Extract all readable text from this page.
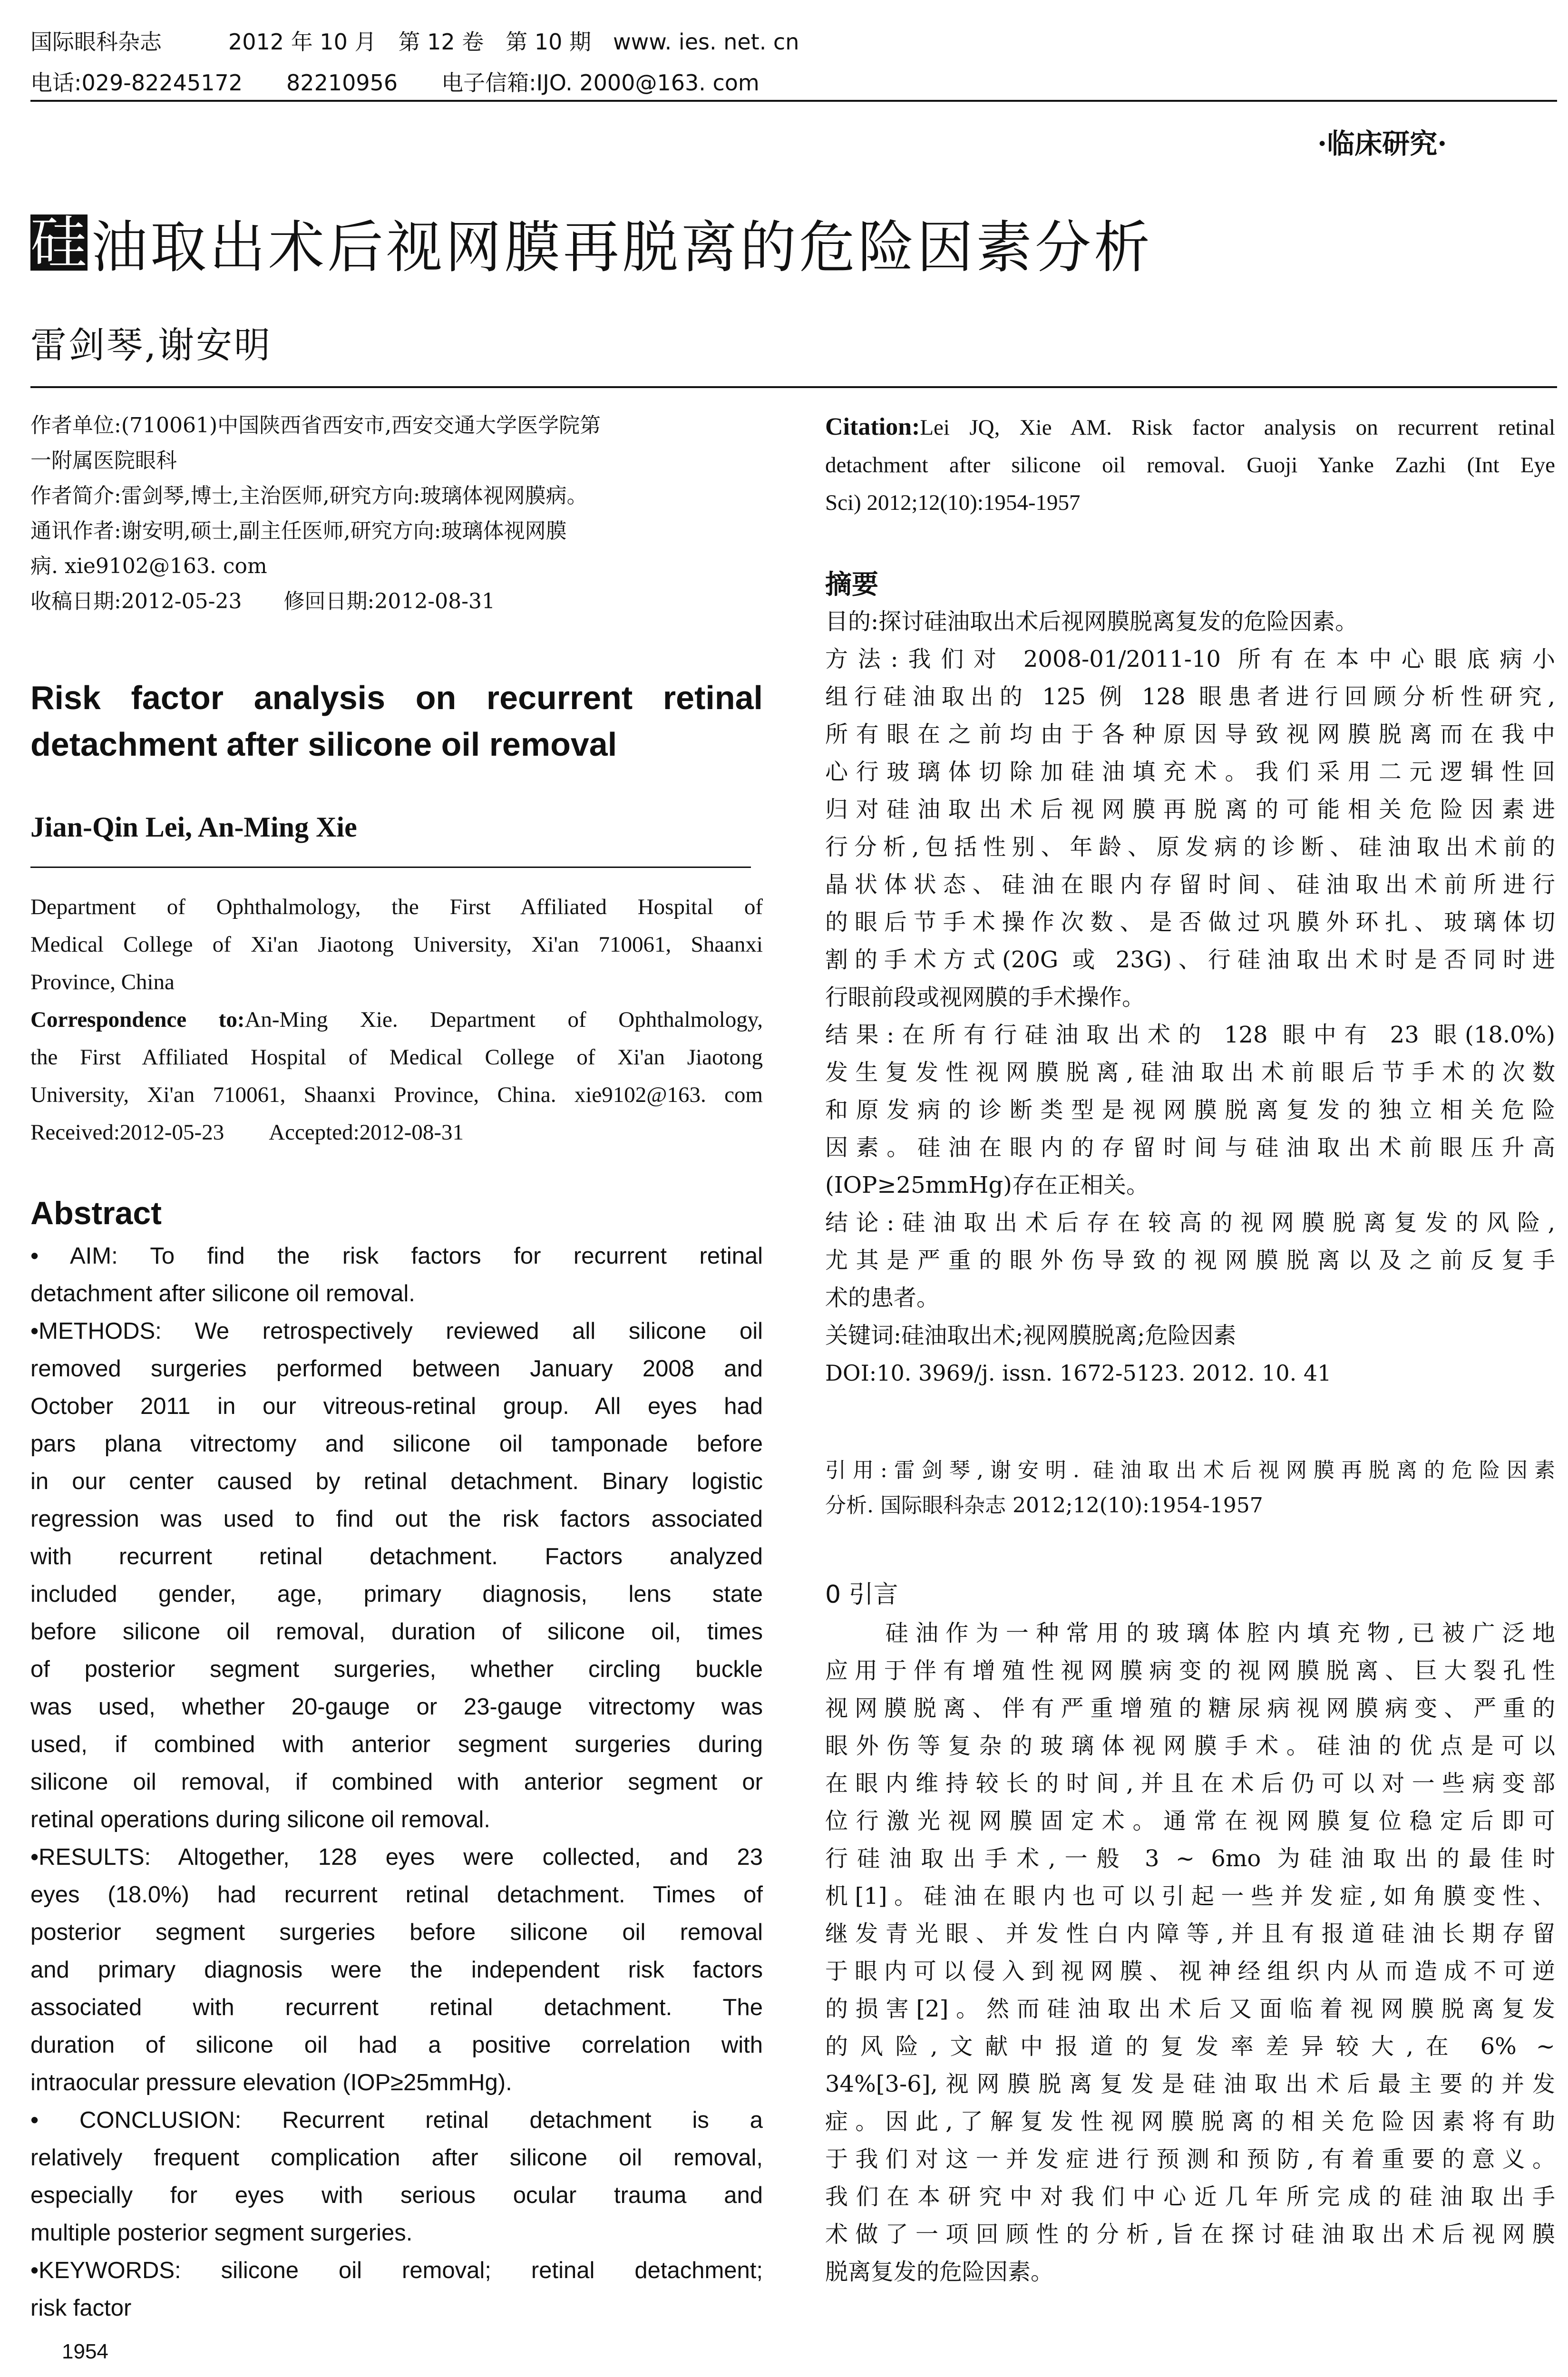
国际眼科杂志	2012 年 10 月　第 12 卷　第 10 期　www. ies. net. cn
电话:029-82245172　　82210956　　电子信箱:IJO. 2000@163. com
·临床研究·
硅 油取出术后视网膜再脱离的危险因素分析
雷剑琴,谢安明
作者单位:(710061)中国陕西省西安市,西安交通大学医学院第
一附属医院眼科
作者简介:雷剑琴,博士,主治医师,研究方向:玻璃体视网膜病。
通讯作者:谢安明,硕士,副主任医师,研究方向:玻璃体视网膜
病. xie9102@163. com
收稿日期:2012-05-23　　修回日期:2012-08-31
Risk factor analysis on recurrent retinal
detachment after silicone oil removal
Jian-Qin Lei, An-Ming Xie
Department of Ophthalmology, the First Affiliated Hospital of
Medical College of Xi'an Jiaotong University, Xi'an 710061, Shaanxi
Province, China
Correspondence to:An-Ming Xie. Department of Ophthalmology,
the First Affiliated Hospital of Medical College of Xi'an Jiaotong
University, Xi'an 710061, Shaanxi Province, China. xie9102@163. com
Received:2012-05-23　　Accepted:2012-08-31
Abstract
• AIM: To find the risk factors for recurrent retinal
detachment after silicone oil removal.
•METHODS: We retrospectively reviewed all silicone oil
removed surgeries performed between January 2008 and
October 2011 in our vitreous-retinal group. All eyes had
pars plana vitrectomy and silicone oil tamponade before
in our center caused by retinal detachment. Binary logistic
regression was used to find out the risk factors associated
with recurrent retinal detachment. Factors analyzed
included gender, age, primary diagnosis, lens state
before silicone oil removal, duration of silicone oil, times
of posterior segment surgeries, whether circling buckle
was used, whether 20-gauge or 23-gauge vitrectomy was
used, if combined with anterior segment surgeries during
silicone oil removal, if combined with anterior segment or
retinal operations during silicone oil removal.
•RESULTS: Altogether, 128 eyes were collected, and 23
eyes (18.0%) had recurrent retinal detachment. Times of
posterior segment surgeries before silicone oil removal
and primary diagnosis were the independent risk factors
associated with recurrent retinal detachment. The
duration of silicone oil had a positive correlation with
intraocular pressure elevation (IOP≥25mmHg).
• CONCLUSION: Recurrent retinal detachment is a
relatively frequent complication after silicone oil removal,
especially for eyes with serious ocular trauma and
multiple posterior segment surgeries.
•KEYWORDS: silicone oil removal; retinal detachment;
risk factor
1954
Citation:Lei JQ, Xie AM. Risk factor analysis on recurrent retinal
detachment after silicone oil removal. Guoji Yanke Zazhi (Int Eye
Sci) 2012;12(10):1954-1957
摘要
目的:探讨硅油取出术后视网膜脱离复发的危险因素。
方法:我们对 2008-01/2011-10 所有在本中心眼底病小
组行硅油取出的 125 例 128 眼患者进行回顾分析性研究,
所有眼在之前均由于各种原因导致视网膜脱离而在我中
心行玻璃体切除加硅油填充术。我们采用二元逻辑性回
归对硅油取出术后视网膜再脱离的可能相关危险因素进
行分析,包括性别、年龄、原发病的诊断、硅油取出术前的
晶状体状态、硅油在眼内存留时间、硅油取出术前所进行
的眼后节手术操作次数、是否做过巩膜外环扎、玻璃体切
割的手术方式(20G 或 23G)、行硅油取出术时是否同时进
行眼前段或视网膜的手术操作。
结果:在所有行硅油取出术的 128 眼中有 23 眼(18.0%)
发生复发性视网膜脱离,硅油取出术前眼后节手术的次数
和原发病的诊断类型是视网膜脱离复发的独立相关危险
因素。硅油在眼内的存留时间与硅油取出术前眼压升高
(IOP≥25mmHg)存在正相关。
结论:硅油取出术后存在较高的视网膜脱离复发的风险,
尤其是严重的眼外伤导致的视网膜脱离以及之前反复手
术的患者。
关键词:硅油取出术;视网膜脱离;危险因素
DOI:10. 3969/j. issn. 1672-5123. 2012. 10. 41
引用:雷剑琴,谢安明. 硅油取出术后视网膜再脱离的危险因素
分析. 国际眼科杂志 2012;12(10):1954-1957
0 引言
　　硅油作为一种常用的玻璃体腔内填充物,已被广泛地
应用于伴有增殖性视网膜病变的视网膜脱离、巨大裂孔性
视网膜脱离、伴有严重增殖的糖尿病视网膜病变、严重的
眼外伤等复杂的玻璃体视网膜手术。硅油的优点是可以
在眼内维持较长的时间,并且在术后仍可以对一些病变部
位行激光视网膜固定术。通常在视网膜复位稳定后即可
行硅油取出手术,一般 3 ~ 6mo 为硅油取出的最佳时
机[1]。硅油在眼内也可以引起一些并发症,如角膜变性、
继发青光眼、并发性白内障等,并且有报道硅油长期存留
于眼内可以侵入到视网膜、视神经组织内从而造成不可逆
的损害[2]。然而硅油取出术后又面临着视网膜脱离复发
的风险,文献中报道的复发率差异较大,在 6% ~
34%[3-6],视网膜脱离复发是硅油取出术后最主要的并发
症。因此,了解复发性视网膜脱离的相关危险因素将有助
于我们对这一并发症进行预测和预防,有着重要的意义。
我们在本研究中对我们中心近几年所完成的硅油取出手
术做了一项回顾性的分析,旨在探讨硅油取出术后视网膜
脱离复发的危险因素。
